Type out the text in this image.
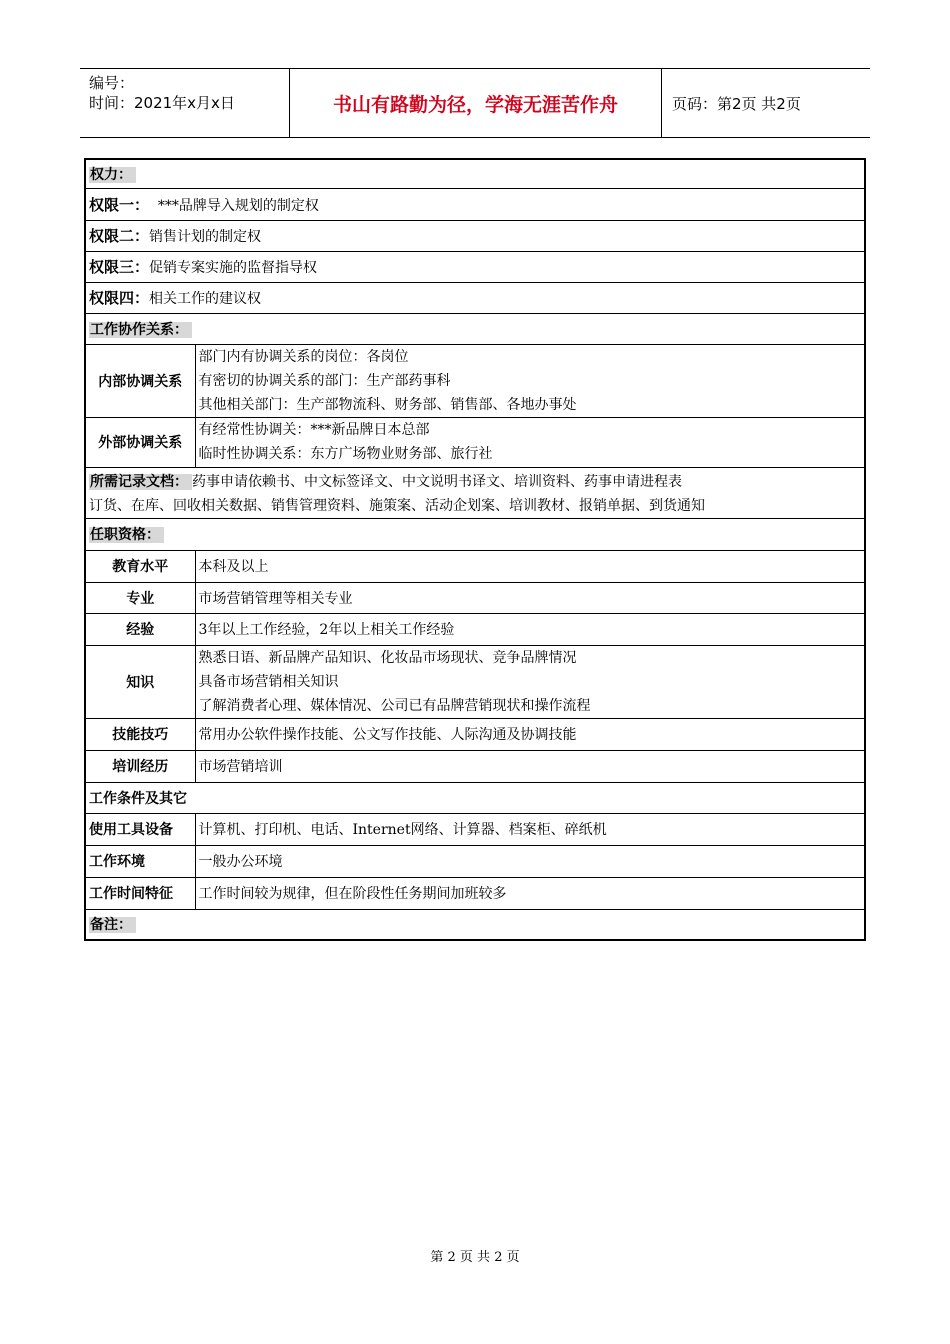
编号：
时间：2021年x月x日	书山有路勤为径，学海无涯苦作舟	页码：第2页 共2页
权力：	
权限一： ***品牌导入规划的制定权	
权限二：销售计划的制定权	
权限三：促销专案实施的监督指导权	
权限四：相关工作的建议权	
工作协作关系：	
内部协调关系	部门内有协调关系的岗位：各岗位
有密切的协调关系的部门：生产部药事科
其他相关部门：生产部物流科、财务部、销售部、各地办事处

外部协调关系	有经常性协调关：***新品牌日本总部
临时性协调关系：东方广场物业财务部、旅行社

所需记录文档： 药事申请依赖书、中文标签译文、中文说明书译文、培训资料、药事申请进程表
订货、在库、回收相关数据、销售管理资料、施策案、活动企划案、培训教材、报销单据、到货通知	

任职资格：	
教育水平	本科及以上
专业	市场营销管理等相关专业
经验	3年以上工作经验，2年以上相关工作经验
知识	熟悉日语、新品牌产品知识、化妆品市场现状、竞争品牌情况
具备市场营销相关知识
了解消费者心理、媒体情况、公司已有品牌营销现状和操作流程

技能技巧	常用办公软件操作技能、公文写作技能、人际沟通及协调技能
培训经历	市场营销培训
工作条件及其它	
使用工具设备	计算机、打印机、电话、Internet网络、计算器、档案柜、碎纸机
工作环境	一般办公环境
工作时间特征	工作时间较为规律，但在阶段性任务期间加班较多
备注：	
第 2 页 共 2 页
